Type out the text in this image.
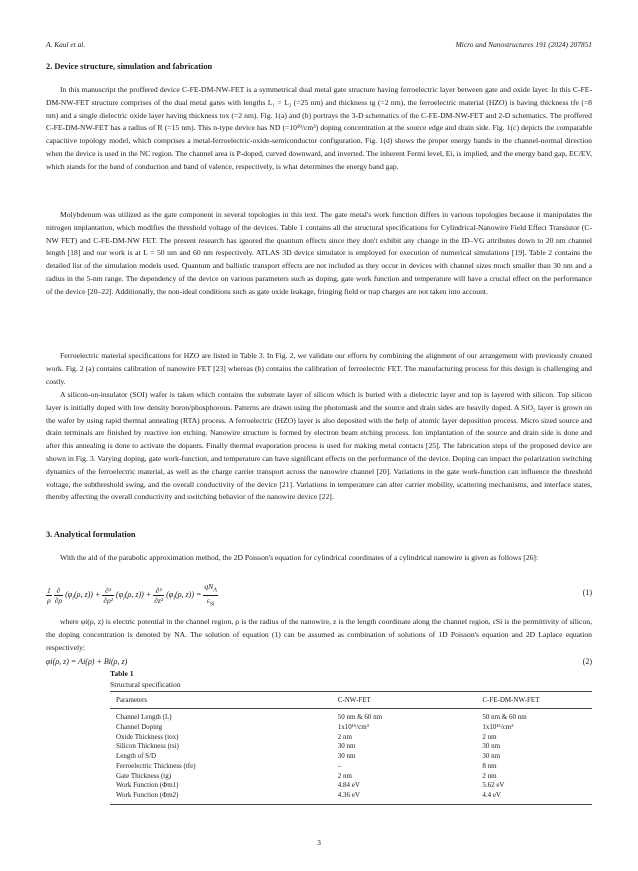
A. Kaul et al.	Micro and Nanostructures 191 (2024) 207851
2. Device structure, simulation and fabrication

In this manuscript the proffered device C-FE-DM-NW-FET is a symmetrical dual metal gate structure having ferroelectric layer between gate and oxide layer. In this C-FE-DM-NW-FET structure comprises of the dual metal gates with lengths L₁ = L₂ (=25 nm) and thickness tg (=2 nm), the ferroelectric material (HZO) is having thickness tfe (=8 nm) and a single dielectric oxide layer having thickness tox (=2 nm). Fig. 1(a) and (b) portrays the 3-D schematics of the C-FE-DM-NW-FET and 2-D schematics. The proffered C-FE-DM-NW-FET has a radius of R (=15 nm). This n-type device has ND (=10¹⁹/cm³) doping concentration at the source edge and drain side. Fig. 1(c) depicts the comparable capacitive topology model, which comprises a metal-ferroelectric-oxide-semiconductor configuration. Fig. 1(d) shows the proper energy bands in the channel-normal direction when the device is used in the NC region. The channel area is P-doped, curved downward, and inverted. The inherent Fermi level, Ei, is implied, and the energy band gap, EC/EV, which stands for the band of conduction and band of valence, respectively, is what determines the energy band gap.

Molybdenum was utilized as the gate component in several topologies in this text. The gate metal's work function differs in various topologies because it manipulates the nitrogen implantation, which modifies the threshold voltage of the devices. Table 1 contains all the structural specifications for Cylindrical-Nanowire Field Effect Transistor (C-NW FET) and C-FE-DM-NW FET. The present research has ignored the quantum effects since they don't exhibit any change in the ID–VG attributes down to 20 nm channel length [18] and our work is at L = 50 nm and 60 nm respectively. ATLAS 3D device simulator is employed for execution of numerical simulations [19]. Table 2 contains the detailed list of the simulation models used. Quantum and ballistic transport effects are not included as they occur in devices with channel sizes much smaller than 30 nm and a radius in the 5-nm range. The dependency of the device on various parameters such as doping, gate work function and temperature will have a crucial effect on the performance of the device [20–22]. Additionally, the non-ideal conditions such as gate oxide leakage, fringing field or trap charges are not taken into account.

Ferroelectric material specifications for HZO are listed in Table 3. In Fig. 2, we validate our efforts by combining the alignment of our arrangement with previously created work. Fig. 2 (a) contains calibration of nanowire FET [23] whereas (b) contains the calibration of ferroelectric FET. The manufacturing process for this design is challenging and costly.

A silicon-on-insulator (SOI) wafer is taken which contains the substrate layer of silicon which is buried with a dielectric layer and top is layered with silicon. Top silicon layer is initially doped with low density boron/phosphorous. Patterns are drawn using the photomask and the source and drain sides are heavily doped. A SiO₂ layer is grown on the wafer by using rapid thermal annealing (RTA) process. A ferroelectric (HZO) layer is also deposited with the help of atomic layer deposition process. Micro sized source and drain terminals are finished by reactive ion etching. Nanowire structure is formed by electron beam etching process. Ion implantation of the source and drain side is done and after this annealing is done to activate the dopants. Finally thermal evaporation process is used for making metal contacts [25]. The fabrication steps of the proposed device are shown in Fig. 3. Varying doping, gate work-function, and temperature can have significant effects on the performance of the device. Doping can impact the polarization switching dynamics of the ferroelectric material, as well as the charge carrier transport across the nanowire channel [20]. Variations in the gate work-function can influence the threshold voltage, the subthreshold swing, and the overall conductivity of the device [21]. Variations in temperature can alter carrier mobility, scattering mechanisms, and interface states, thereby affecting the overall conductivity and switching behavior of the nanowire device [22].

3. Analytical formulation

With the aid of the parabolic approximation method, the 2D Poisson's equation for cylindrical coordinates of a cylindrical nanowire is given as follows [26]:

$\frac{1}{\rho}$
$\frac{\partial}{\partial\rho} (\varphi_i(\rho$, $z)) + \frac{\text{∂²}}{\text{∂ρ²}} (\varphi_i(\rho$, $z)) + \frac{\text{∂²}}{\text{∂z²}} (\varphi_i(\rho$, $z)) = \frac{qN_A}{\varepsilon_{Si}}$	(1)

where φi(ρ, z) is electric potential in the channel region, ρ is the radius of the nanowire, z is the length coordinate along the channel region, εSi is the permittivity of silicon, the doping concentration is denoted by NA. The solution of equation (1) can be assumed as combination of solutions of 1D Poisson's equation and 2D Laplace equation respectively:

φi(ρ, z) = Ai(ρ) + Bi(ρ, z)	(2)
Table 1
Structural specification
Parameters	C-NW-FET	C-FE-DM-NW-FET
Channel Length (L)	50 nm & 60 nm	50 nm & 60 nm
Channel Doping	1x10¹⁶/cm³	1x10¹⁶/cm³
Oxide Thickness (tox)	2 nm	2 nm
Silicon Thickness (tsi)	30 nm	30 nm
Length of S/D	30 nm	30 nm
Ferroelectric Thickness (tfe)	–	8 nm
Gate Thickness (tg)	2 nm	2 nm
Work Function (Φm1)	4.84 eV	5.62 eV
Work Function (Φm2)	4.36 eV	4.4 eV
3
